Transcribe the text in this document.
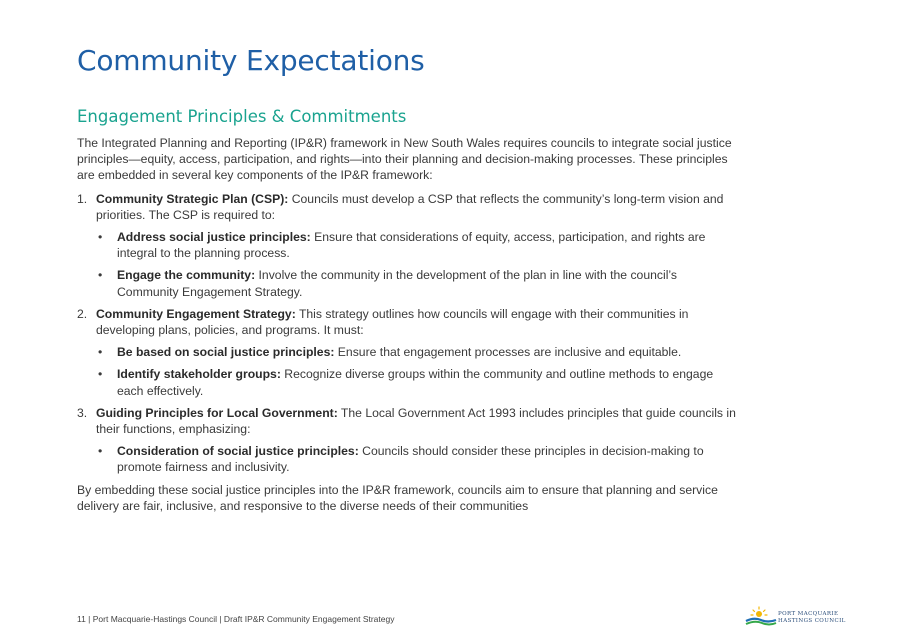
Community Expectations
Engagement Principles & Commitments

The Integrated Planning and Reporting (IP&R) framework in New South Wales requires councils to integrate social justice principles—equity, access, participation, and rights—into their planning and decision-making processes. These principles are embedded in several key components of the IP&R framework:

1. Community Strategic Plan (CSP): Councils must develop a CSP that reflects the community’s long-term vision and priorities. The CSP is required to:
• Address social justice principles: Ensure that considerations of equity, access, participation, and rights are integral to the planning process.
• Engage the community: Involve the community in the development of the plan in line with the council’s Community Engagement Strategy.
2. Community Engagement Strategy: This strategy outlines how councils will engage with their communities in developing plans, policies, and programs. It must:
• Be based on social justice principles: Ensure that engagement processes are inclusive and equitable.
• Identify stakeholder groups: Recognize diverse groups within the community and outline methods to engage each effectively.
3. Guiding Principles for Local Government: The Local Government Act 1993 includes principles that guide councils in their functions, emphasizing:
• Consideration of social justice principles: Councils should consider these principles in decision-making to promote fairness and inclusivity.

By embedding these social justice principles into the IP&R framework, councils aim to ensure that planning and service delivery are fair, inclusive, and responsive to the diverse needs of their communities

11 | Port Macquarie-Hastings Council | Draft IP&R Community Engagement Strategy	PORT MACQUARIE
HASTINGS COUNCIL
